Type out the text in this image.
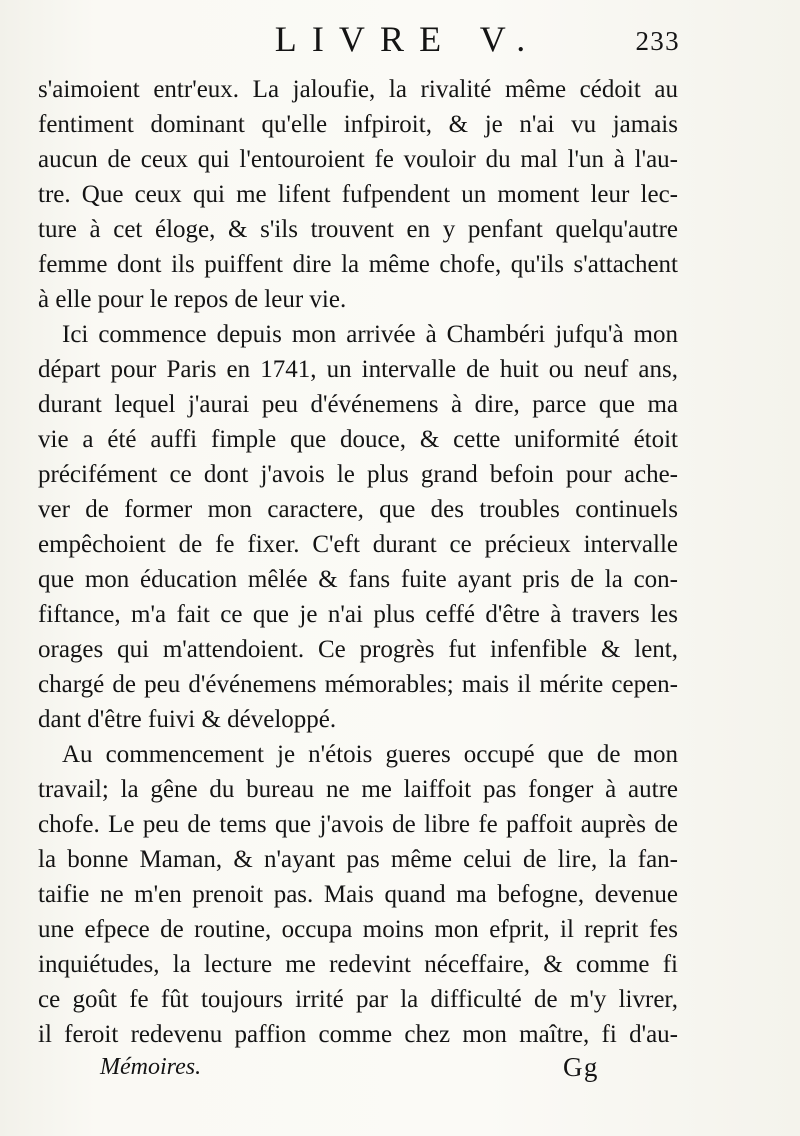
LIVRE V.	233
s'aimoient entr'eux. La jaloufie, la rivalité même cédoit au
fentiment dominant qu'elle infpiroit, & je n'ai vu jamais
aucun de ceux qui l'entouroient fe vouloir du mal l'un à l'au-
tre. Que ceux qui me lifent fufpendent un moment leur lec-
ture à cet éloge, & s'ils trouvent en y penfant quelqu'autre
femme dont ils puiffent dire la même chofe, qu'ils s'attachent
à elle pour le repos de leur vie.
Ici commence depuis mon arrivée à Chambéri jufqu'à mon
départ pour Paris en 1741, un intervalle de huit ou neuf ans,
durant lequel j'aurai peu d'événemens à dire, parce que ma
vie a été auffi fimple que douce, & cette uniformité étoit
précifément ce dont j'avois le plus grand befoin pour ache-
ver de former mon caractere, que des troubles continuels
empêchoient de fe fixer. C'eft durant ce précieux intervalle
que mon éducation mêlée & fans fuite ayant pris de la con-
fiftance, m'a fait ce que je n'ai plus ceffé d'être à travers les
orages qui m'attendoient. Ce progrès fut infenfible & lent,
chargé de peu d'événemens mémorables; mais il mérite cepen-
dant d'être fuivi & développé.
Au commencement je n'étois gueres occupé que de mon
travail; la gêne du bureau ne me laiffoit pas fonger à autre
chofe. Le peu de tems que j'avois de libre fe paffoit auprès de
la bonne Maman, & n'ayant pas même celui de lire, la fan-
taifie ne m'en prenoit pas. Mais quand ma befogne, devenue
une efpece de routine, occupa moins mon efprit, il reprit fes
inquiétudes, la lecture me redevint néceffaire, & comme fi
ce goût fe fût toujours irrité par la difficulté de m'y livrer,
il feroit redevenu paffion comme chez mon maître, fi d'au-
Mémoires.	Gg
